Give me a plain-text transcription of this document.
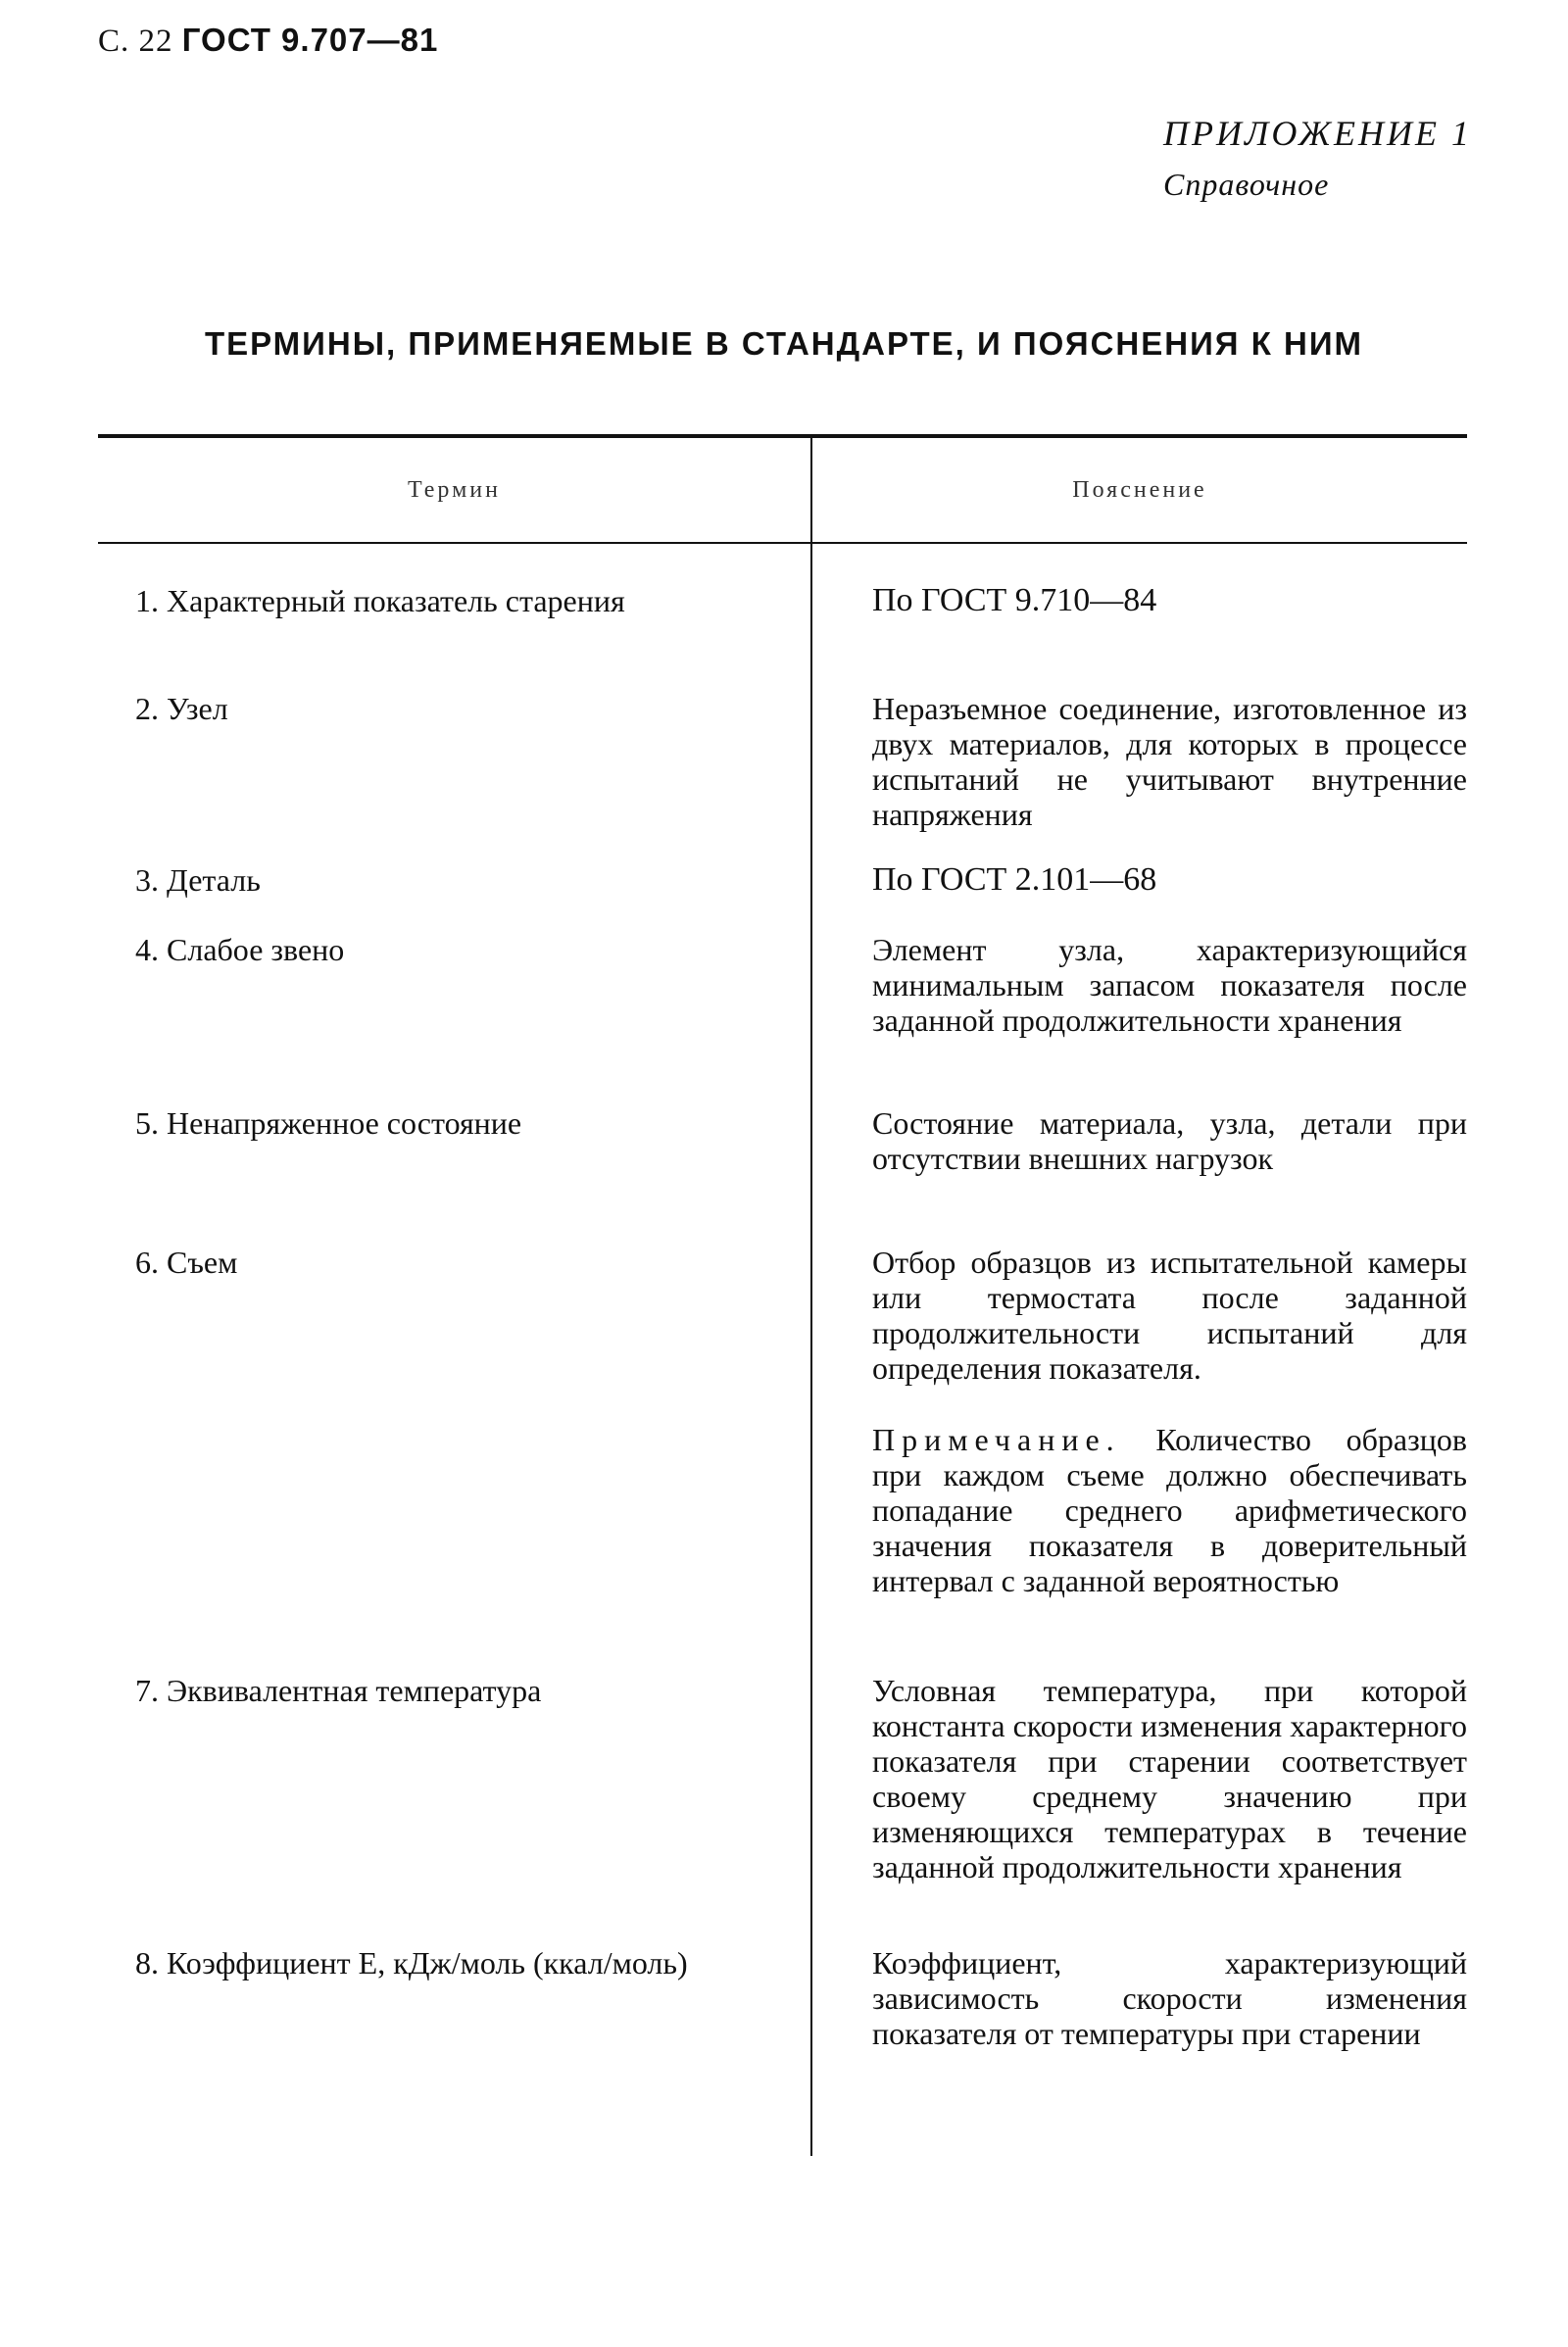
С. 22 ГОСТ 9.707—81
ПРИЛОЖЕНИЕ 1
Справочное
ТЕРМИНЫ, ПРИМЕНЯЕМЫЕ В СТАНДАРТЕ, И ПОЯСНЕНИЯ К НИМ
Термин	Пояснение
1. Характерный показатель старения	По ГОСТ 9.710—84
2. Узел	Неразъемное соединение, изготовленное из двух материалов, для которых в процессе испытаний не учитывают внутренние напряжения
3. Деталь	По ГОСТ 2.101—68
4. Слабое звено	Элемент узла, характеризующийся минимальным запасом показателя после заданной продолжительности хранения
5. Ненапряженное состояние	Состояние материала, узла, детали при отсутствии внешних нагрузок
6. Съем	Отбор образцов из испытательной камеры или термостата после заданной продолжительности испытаний для определения показателя.
Примечание. Количество образцов при каждом съеме должно обеспечивать попадание среднего арифметического значения показателя в доверительный интервал с заданной вероятностью
7. Эквивалентная температура	Условная температура, при которой константа скорости изменения характерного показателя при старении соответствует своему среднему значению при изменяющихся температурах в течение заданной продолжительности хранения
8. Коэффициент Е, кДж/моль (ккал/моль)	Коэффициент, характеризующий зависимость скорости изменения показателя от температуры при старении
